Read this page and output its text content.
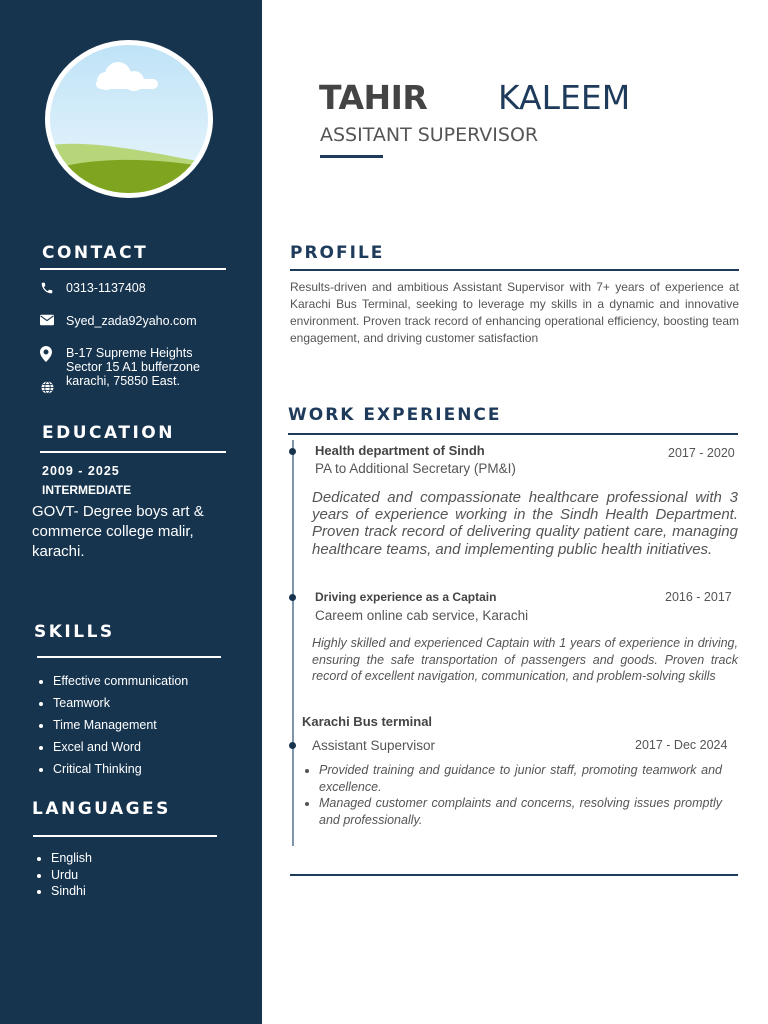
CONTACT
0313-1137408
Syed_zada92yaho.com
B-17 Supreme Heights
Sector 15 A1 bufferzone
karachi, 75850 East.
EDUCATION
2009 - 2025
INTERMEDIATE
GOVT- Degree boys art & commerce college malir, karachi.
SKILLS
• Effective communication
• Teamwork
• Time Management
• Excel and Word
• Critical Thinking
LANGUAGES
• English
• Urdu
• Sindhi
TAHIR KALEEM
ASSITANT SUPERVISOR
PROFILE
Results-driven and ambitious Assistant Supervisor with 7+ years of experience at Karachi Bus Terminal, seeking to leverage my skills in a dynamic and innovative environment. Proven track record of enhancing operational efficiency, boosting team engagement, and driving customer satisfaction
WORK EXPERIENCE
Health department of Sindh	2017 - 2020
PA to Additional Secretary (PM&I)
Dedicated and compassionate healthcare professional with 3 years of experience working in the Sindh Health Department. Proven track record of delivering quality patient care, managing healthcare teams, and implementing public health initiatives.
Driving experience as a Captain	2016 - 2017
Careem online cab service, Karachi
Highly skilled and experienced Captain with 1 years of experience in driving, ensuring the safe transportation of passengers and goods. Proven track record of excellent navigation, communication, and problem-solving skills
Karachi Bus terminal
Assistant Supervisor	2017 - Dec 2024
• Provided training and guidance to junior staff, promoting teamwork and excellence.
• Managed customer complaints and concerns, resolving issues promptly and professionally.
